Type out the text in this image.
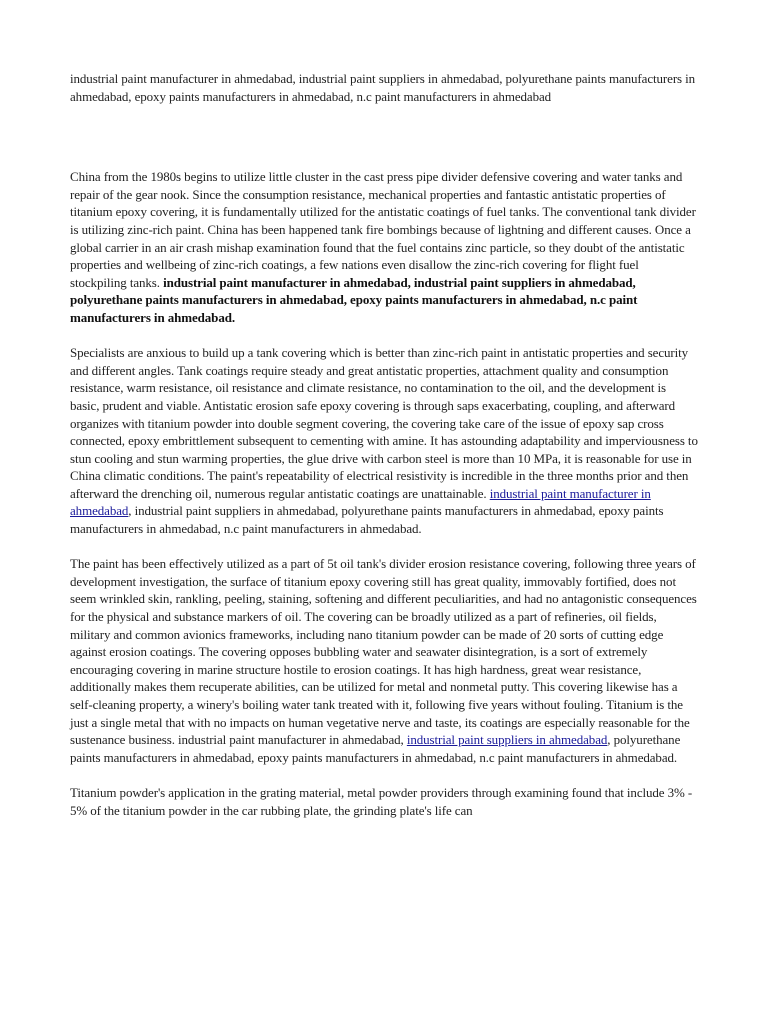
industrial paint manufacturer in ahmedabad, industrial paint suppliers in ahmedabad, polyurethane paints manufacturers in ahmedabad, epoxy paints manufacturers in ahmedabad, n.c paint manufacturers in ahmedabad

China from the 1980s begins to utilize little cluster in the cast press pipe divider defensive covering and water tanks and repair of the gear nook. Since the consumption resistance, mechanical properties and fantastic antistatic properties of titanium epoxy covering, it is fundamentally utilized for the antistatic coatings of fuel tanks. The conventional tank divider is utilizing zinc-rich paint. China has been happened tank fire bombings because of lightning and different causes. Once a global carrier in an air crash mishap examination found that the fuel contains zinc particle, so they doubt of the antistatic properties and wellbeing of zinc-rich coatings, a few nations even disallow the zinc-rich covering for flight fuel stockpiling tanks. industrial paint manufacturer in ahmedabad, industrial paint suppliers in ahmedabad, polyurethane paints manufacturers in ahmedabad, epoxy paints manufacturers in ahmedabad, n.c paint manufacturers in ahmedabad.

Specialists are anxious to build up a tank covering which is better than zinc-rich paint in antistatic properties and security and different angles. Tank coatings require steady and great antistatic properties, attachment quality and consumption resistance, warm resistance, oil resistance and climate resistance, no contamination to the oil, and the development is basic, prudent and viable. Antistatic erosion safe epoxy covering is through saps exacerbating, coupling, and afterward organizes with titanium powder into double segment covering, the covering take care of the issue of epoxy sap cross connected, epoxy embrittlement subsequent to cementing with amine. It has astounding adaptability and imperviousness to stun cooling and stun warming properties, the glue drive with carbon steel is more than 10 MPa, it is reasonable for use in China climatic conditions. The paint's repeatability of electrical resistivity is incredible in the three months prior and then afterward the drenching oil, numerous regular antistatic coatings are unattainable. industrial paint manufacturer in ahmedabad, industrial paint suppliers in ahmedabad, polyurethane paints manufacturers in ahmedabad, epoxy paints manufacturers in ahmedabad, n.c paint manufacturers in ahmedabad.

The paint has been effectively utilized as a part of 5t oil tank's divider erosion resistance covering, following three years of development investigation, the surface of titanium epoxy covering still has great quality, immovably fortified, does not seem wrinkled skin, rankling, peeling, staining, softening and different peculiarities, and had no antagonistic consequences for the physical and substance markers of oil. The covering can be broadly utilized as a part of refineries, oil fields, military and common avionics frameworks, including nano titanium powder can be made of 20 sorts of cutting edge against erosion coatings. The covering opposes bubbling water and seawater disintegration, is a sort of extremely encouraging covering in marine structure hostile to erosion coatings. It has high hardness, great wear resistance, additionally makes them recuperate abilities, can be utilized for metal and nonmetal putty. This covering likewise has a self-cleaning property, a winery's boiling water tank treated with it, following five years without fouling. Titanium is the just a single metal that with no impacts on human vegetative nerve and taste, its coatings are especially reasonable for the sustenance business. industrial paint manufacturer in ahmedabad, industrial paint suppliers in ahmedabad, polyurethane paints manufacturers in ahmedabad, epoxy paints manufacturers in ahmedabad, n.c paint manufacturers in ahmedabad.

Titanium powder's application in the grating material, metal powder providers through examining found that include 3% - 5% of the titanium powder in the car rubbing plate, the grinding plate's life can
